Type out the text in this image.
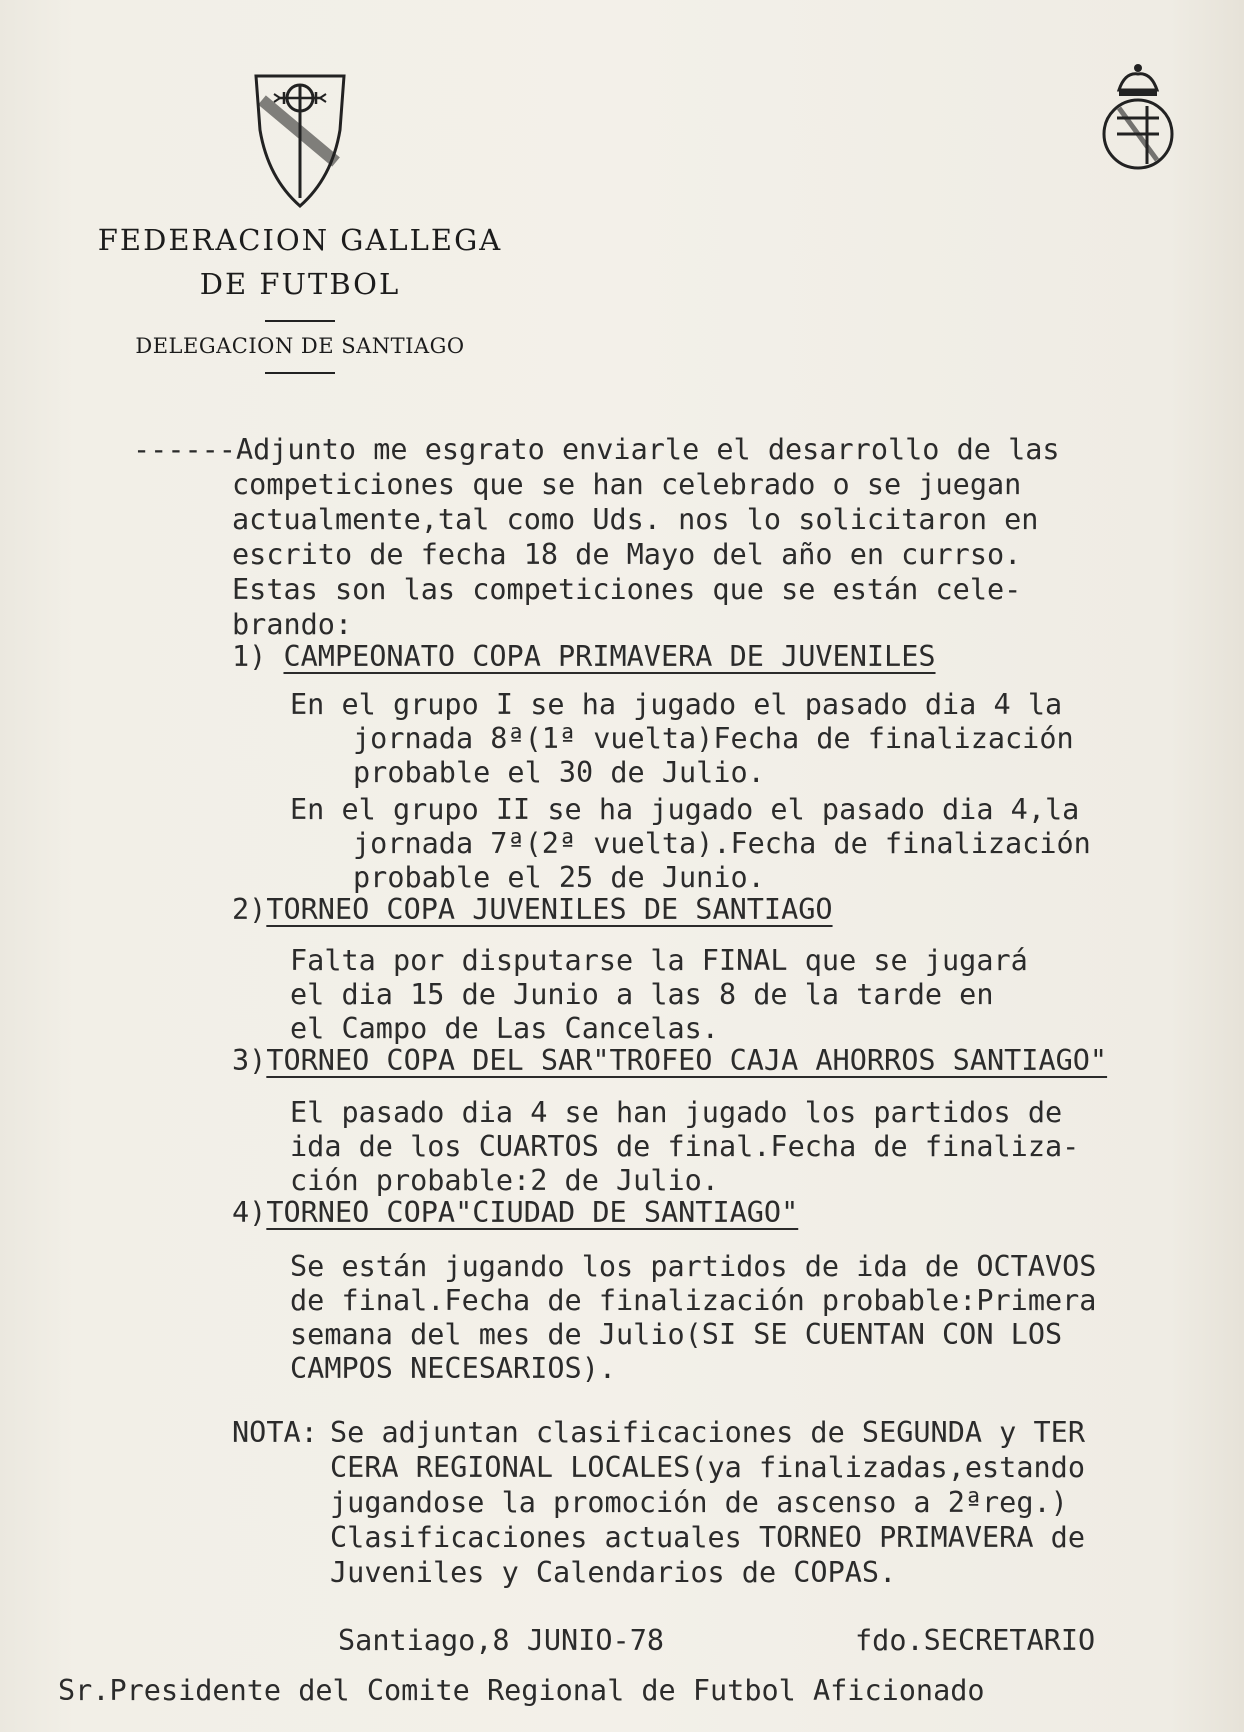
FEDERACION GALLEGA
DE FUTBOL
DELEGACION DE SANTIAGO
------Adjunto me esgrato enviarle el desarrollo de las
competiciones que se han celebrado o se juegan
actualmente,tal como Uds. nos lo solicitaron en
escrito de fecha 18 de Mayo del año en currso.
Estas son las competiciones que se están cele-
brando:
1) CAMPEONATO COPA PRIMAVERA DE JUVENILES
En el grupo I se ha jugado el pasado dia 4 la
jornada 8ª(1ª vuelta)Fecha de finalización
probable el 30 de Julio.
En el grupo II se ha jugado el pasado dia 4,la
jornada 7ª(2ª vuelta).Fecha de finalización
probable el 25 de Junio.
2)TORNEO COPA JUVENILES DE SANTIAGO
Falta por disputarse la FINAL que se jugará
el dia 15 de Junio a las 8 de la tarde en
el Campo de Las Cancelas.
3)TORNEO COPA DEL SAR"TROFEO CAJA AHORROS SANTIAGO"
El pasado dia 4 se han jugado los partidos de
ida de los CUARTOS de final.Fecha de finaliza-
ción probable:2 de Julio.
4)TORNEO COPA"CIUDAD DE SANTIAGO"
Se están jugando los partidos de ida de OCTAVOS
de final.Fecha de finalización probable:Primera
semana del mes de Julio(SI SE CUENTAN CON LOS
CAMPOS NECESARIOS).
NOTA: Se adjuntan clasificaciones de SEGUNDA y TER
CERA REGIONAL LOCALES(ya finalizadas,estando
jugandose la promoción de ascenso a 2ªreg.)
Clasificaciones actuales TORNEO PRIMAVERA de
Juveniles y Calendarios de COPAS.
Santiago,8 JUNIO-78	fdo.SECRETARIO
Sr.Presidente del Comite Regional de Futbol Aficionado
